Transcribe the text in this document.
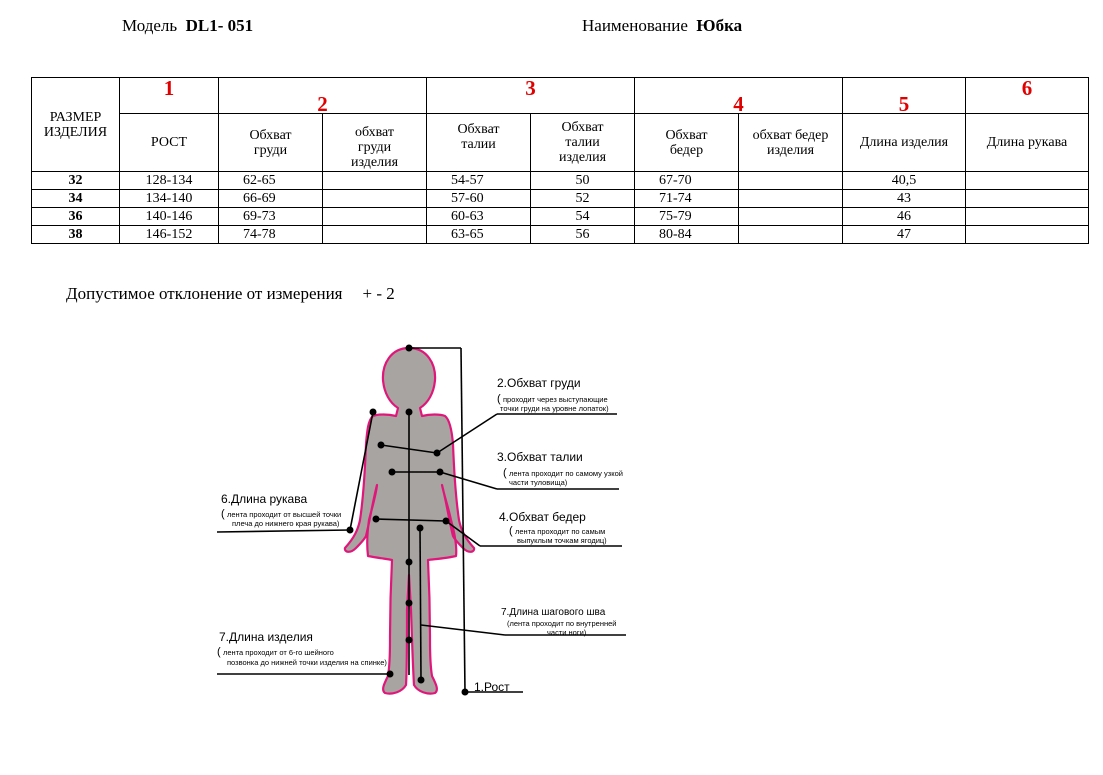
Модель DL1- 051	Наименование Юбка
РАЗМЕР ИЗДЕЛИЯ	1	2		3		4		5	6
	РОСТ	Обхват груди	обхват груди изделия	Обхват талии	Обхват талии изделия	Обхват бедер	обхват бедер изделия	Длина изделия	Длина рукава
32	128-134	62-65		54-57	50	67-70		40,5	
34	134-140	66-69		57-60	52	71-74		43	
36	140-146	69-73		60-63	54	75-79		46	
38	146-152	74-78		63-65	56	80-84		47	
Допустимое отклонение от измерения + - 2
2.Обхват груди
( проходит через выступающие
точки груди на уровне лопаток)
3.Обхват талии
( лента проходит по самому узкой
части туловища)
4.Обхват бедер
( лента проходит по самым
выпуклым точкам ягодиц)
7.Длина шагового шва
(лента проходит по внутренней
части ноги)
1.Рост
6.Длина рукава
( лента проходит от высшей точки
плеча до нижнего края рукава)
7.Длина изделия
( лента проходит от 6-го шейного
позвонка до нижней точки изделия на спинке)
